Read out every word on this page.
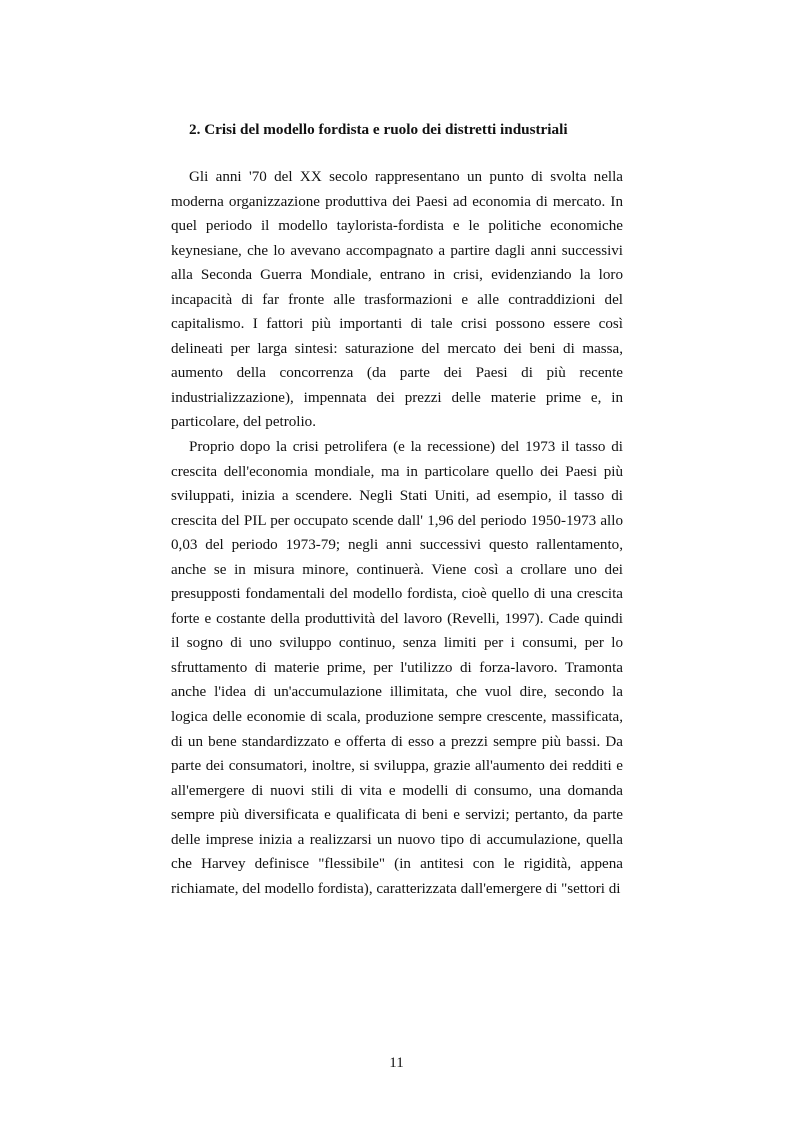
2. Crisi del modello fordista e ruolo dei distretti industriali

Gli anni '70 del XX secolo rappresentano un punto di svolta nella moderna organizzazione produttiva dei Paesi ad economia di mercato. In quel periodo il modello taylorista-fordista e le politiche economiche keynesiane, che lo avevano accompagnato a partire dagli anni successivi alla Seconda Guerra Mondiale, entrano in crisi, evidenziando la loro incapacità di far fronte alle trasformazioni e alle contraddizioni del capitalismo. I fattori più importanti di tale crisi possono essere così delineati per larga sintesi: saturazione del mercato dei beni di massa, aumento della concorrenza (da parte dei Paesi di più recente industrializzazione), impennata dei prezzi delle materie prime e, in particolare, del petrolio.

Proprio dopo la crisi petrolifera (e la recessione) del 1973 il tasso di crescita dell'economia mondiale, ma in particolare quello dei Paesi più sviluppati, inizia a scendere. Negli Stati Uniti, ad esempio, il tasso di crescita del PIL per occupato scende dall' 1,96 del periodo 1950-1973 allo 0,03 del periodo 1973-79; negli anni successivi questo rallentamento, anche se in misura minore, continuerà. Viene così a crollare uno dei presupposti fondamentali del modello fordista, cioè quello di una crescita forte e costante della produttività del lavoro (Revelli, 1997). Cade quindi il sogno di uno sviluppo continuo, senza limiti per i consumi, per lo sfruttamento di materie prime, per l'utilizzo di forza-lavoro. Tramonta anche l'idea di un'accumulazione illimitata, che vuol dire, secondo la logica delle economie di scala, produzione sempre crescente, massificata, di un bene standardizzato e offerta di esso a prezzi sempre più bassi. Da parte dei consumatori, inoltre, si sviluppa, grazie all'aumento dei redditi e all'emergere di nuovi stili di vita e modelli di consumo, una domanda sempre più diversificata e qualificata di beni e servizi; pertanto, da parte delle imprese inizia a realizzarsi un nuovo tipo di accumulazione, quella che Harvey definisce "flessibile" (in antitesi con le rigidità, appena richiamate, del modello fordista), caratterizzata dall'emergere di "settori di

11
